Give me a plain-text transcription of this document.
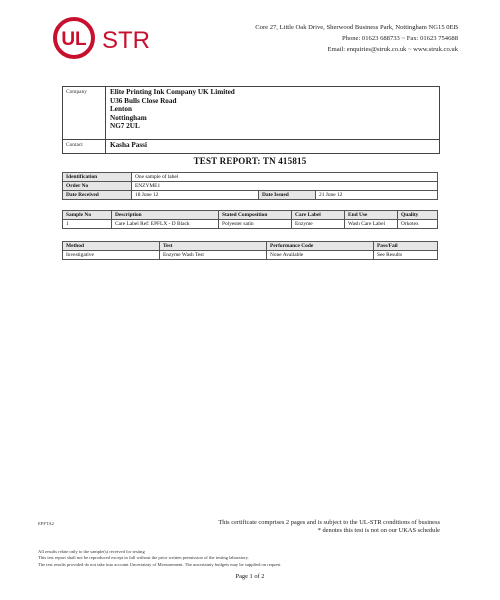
UL STR	Core 27, Little Oak Drive, Sherwood Business Park, Nottingham NG15 0EB
Phone: 01623 688733 ~ Fax: 01623 754688
Email: enquiries@struk.co.uk ~ www.struk.co.uk
Company	Elite Printing Ink Company UK Limited
U36 Bulls Close Road
Lenton
Nottingham
NG7 2UL
Contact	Kasha Passi
TEST REPORT: TN 415815
Identification	One sample of label		
Order No	ENZYME1		
Date Received	18 June 12	Date Issued	21 June 12
Sample No	Description	Stated Composition	Care Label	End Use	Quality
1	Care Label Ref: EPFLX - D Black	Polyester satin	Enzyme	Wash Care Label	Orkotex
Method	Test	Performance Code	Pass/Fail
Investigative	Enzyme Wash Test	None Available	See Results
EPFTA2	This certificate comprises 2 pages and is subject to the UL-STR conditions of business
* denotes this test is not on our UKAS schedule
All results relate only to the sample(s) received for testing
This test report shall not be reproduced except in full without the prior written permission of the testing laboratory.
The test results provided do not take into account Uncertainty of Measurement. The uncertainty budgets may be supplied on request
Page 1 of 2
